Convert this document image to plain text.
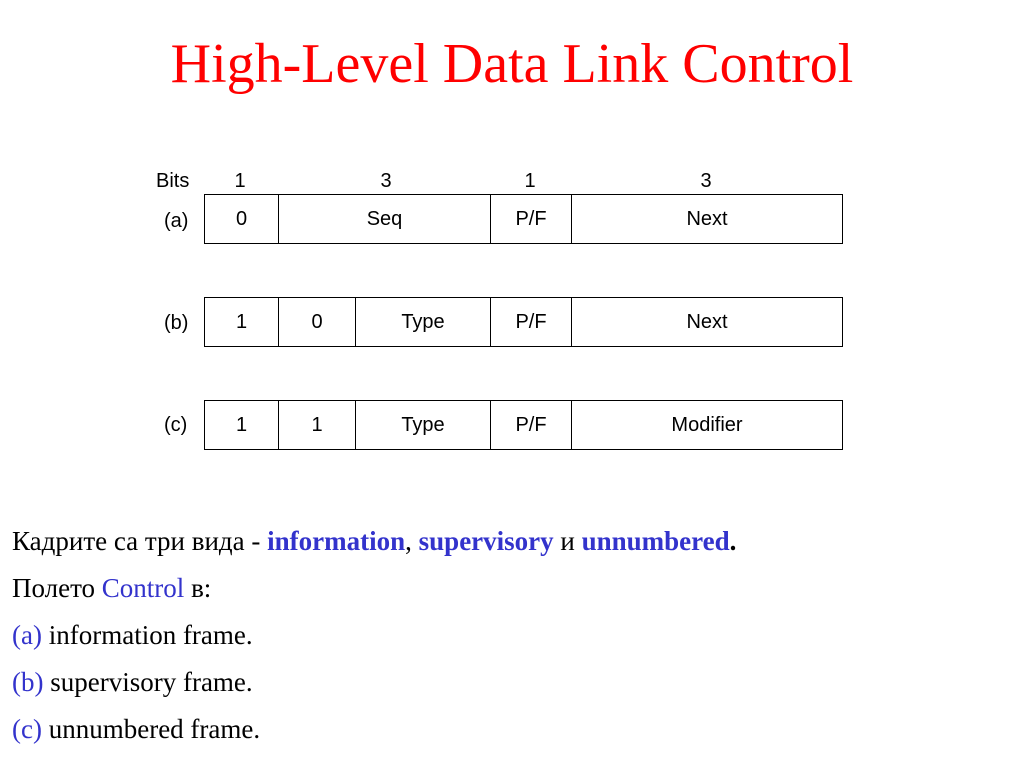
High-Level Data Link Control
Bits	1	3	1	3
(a)	0	Seq	P/F	Next
(b)	1	0	Type	P/F	Next
(c)	1	1	Type	P/F	Modifier
Кадрите са три вида - information, supervisory и unnumbered.
Полето Control в:
(a) information frame.
(b) supervisory frame.
(c) unnumbered frame.
